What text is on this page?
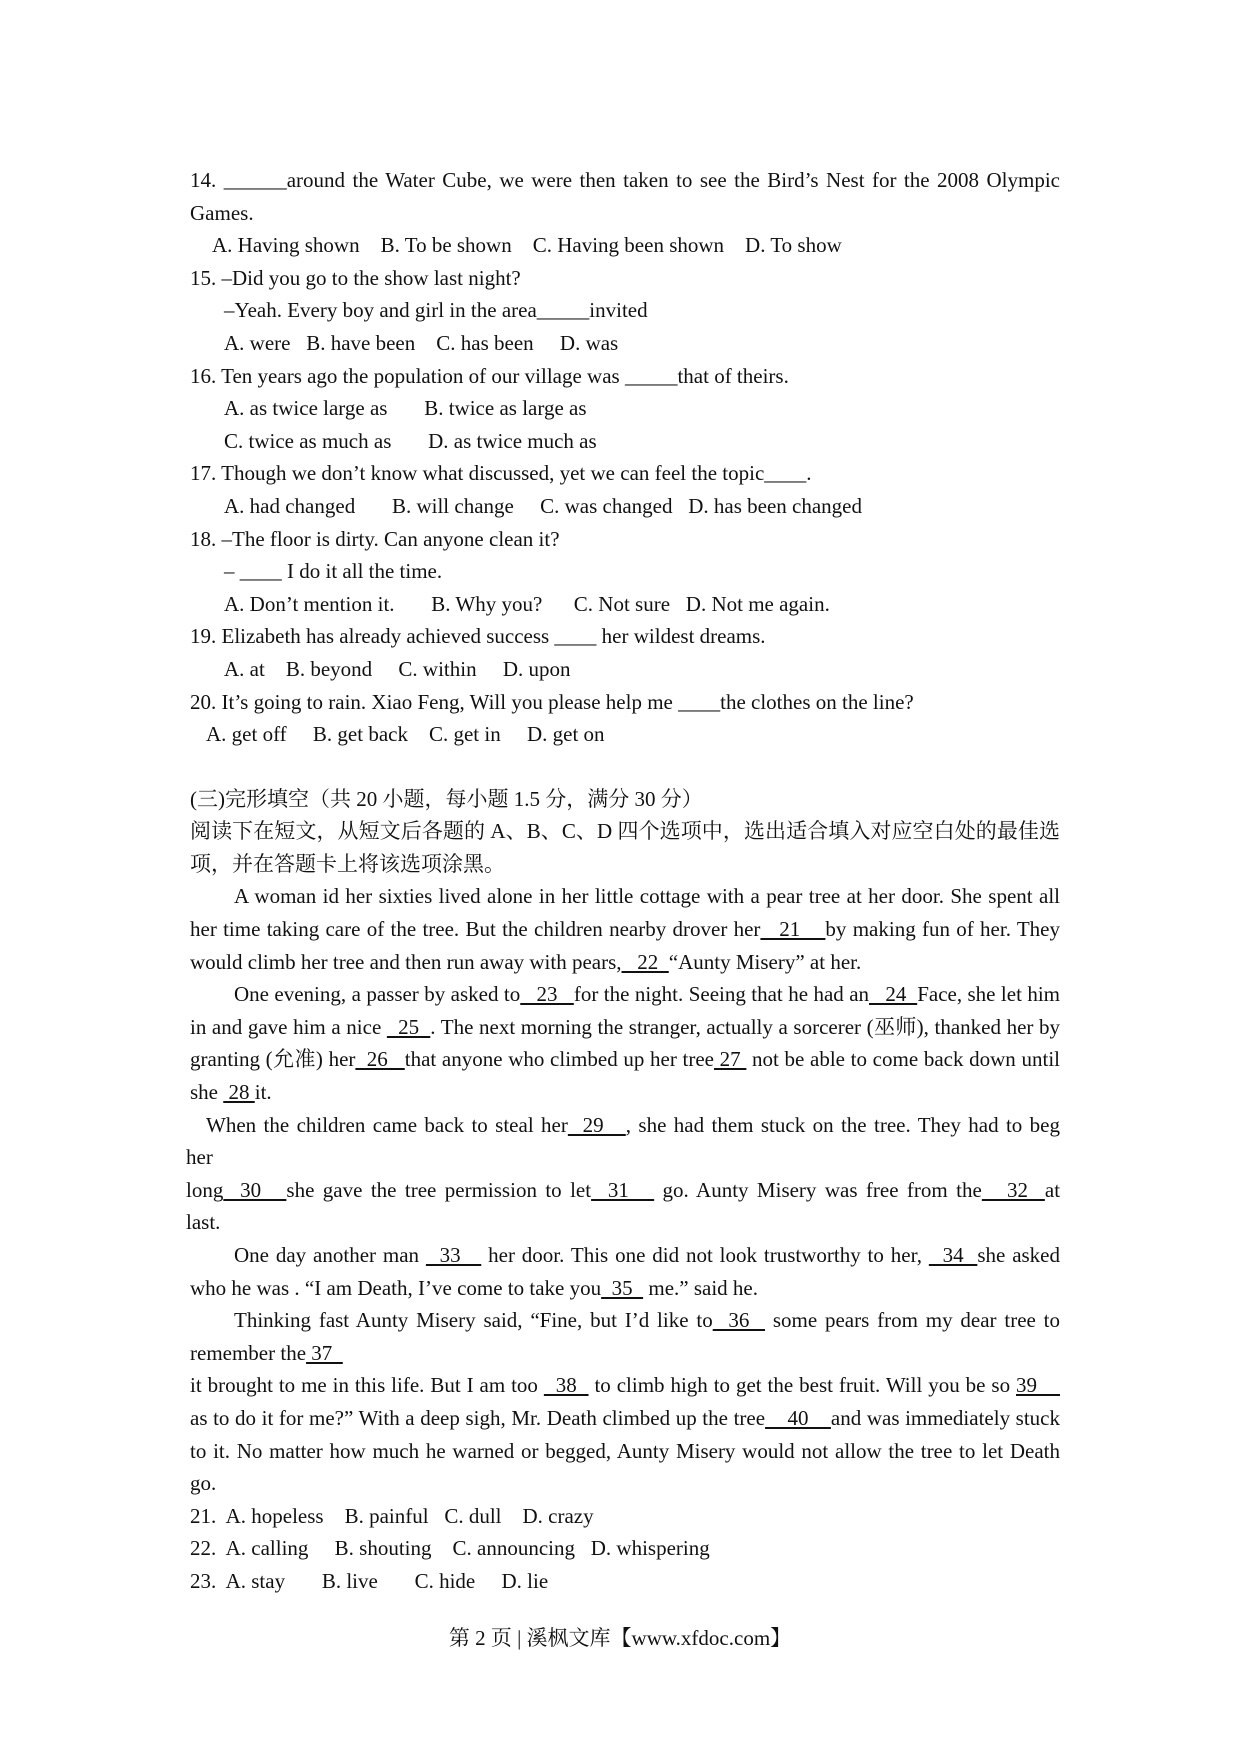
14. ______around the Water Cube, we were then taken to see the Bird’s Nest for the 2008 Olympic Games.
A. Having shown    B. To be shown    C. Having been shown    D. To show
15. –Did you go to the show last night?
–Yeah. Every boy and girl in the area_____invited
A. were   B. have been    C. has been     D. was
16. Ten years ago the population of our village was _____that of theirs.
A. as twice large as       B. twice as large as
C. twice as much as       D. as twice much as
17. Though we don’t know what discussed, yet we can feel the topic____.
A. had changed       B. will change     C. was changed   D. has been changed
18. –The floor is dirty. Can anyone clean it?
– ____ I do it all the time.
A. Don’t mention it.       B. Why you?      C. Not sure   D. Not me again.
19. Elizabeth has already achieved success ____ her wildest dreams.
A. at    B. beyond     C. within     D. upon
20. It’s going to rain. Xiao Feng, Will you please help me ____the clothes on the line?
A. get off     B. get back    C. get in     D. get on
(三)完形填空（共 20 小题，每小题 1.5 分，满分 30 分）
阅读下在短文，从短文后各题的 A、B、C、D 四个选项中，选出适合填入对应空白处的最佳选项，并在答题卡上将该选项涂黑。
A woman id her sixties lived alone in her little cottage with a pear tree at her door. She spent all her time taking care of the tree. But the children nearby drover her   21    by making fun of her. They would climb her tree and then run away with pears,   22  “Aunty Misery” at her.
One evening, a passer by asked to   23   for the night. Seeing that he had an   24  Face, she let him in and gave him a nice   25  . The next morning the stranger, actually a sorcerer (巫师), thanked her by granting (允准) her  26   that anyone who climbed up her tree 27  not be able to come back down until she  28 it.
When the children came back to steal her  29   , she had them stuck on the tree. They had to beg
her
long  30   she gave the tree permission to let  31    go. Aunty Misery was free from the   32  at
last.
One day another man   33    her door. This one did not look trustworthy to her,   34  she asked who he was . “I am Death, I’ve come to take you  35   me.” said he.
Thinking fast Aunty Misery said, “Fine, but I’d like to  36   some pears from my dear tree to remember the 37
it brought to me in this life. But I am too   38   to climb high to get the best fruit. Will you be so 39     as to do it for me?” With a deep sigh, Mr. Death climbed up the tree    40    and was immediately stuck to it. No matter how much he warned or begged, Aunty Misery would not allow the tree to let Death go.
21.  A. hopeless    B. painful   C. dull    D. crazy
22.  A. calling     B. shouting    C. announcing   D. whispering
23.  A. stay       B. live       C. hide     D. lie
第 2 页 | 溪枫文库【www.xfdoc.com】
